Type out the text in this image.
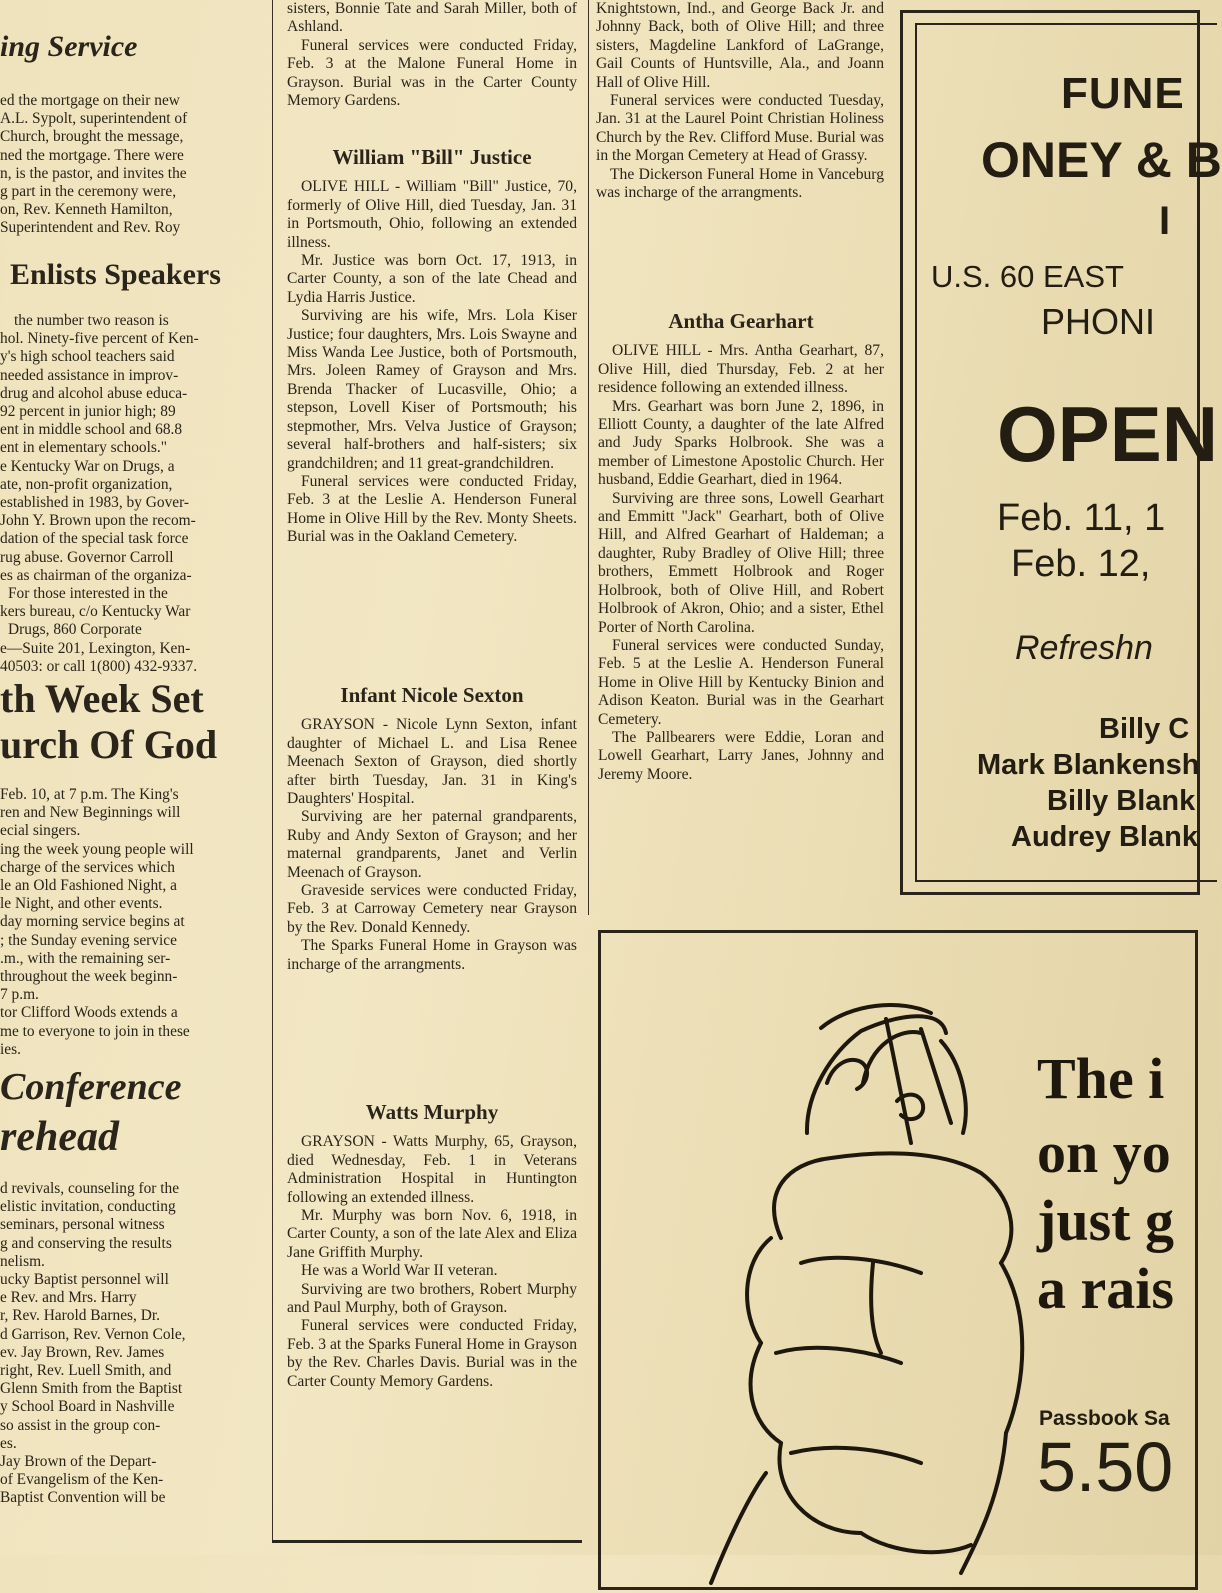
ing Service

ed the mortgage on their new

A.L. Sypolt, superintendent of

Church, brought the message,

ned the mortgage. There were

n, is the pastor, and invites the

g part in the ceremony were,

on, Rev. Kenneth Hamilton,

Superintendent and Rev. Roy

Enlists Speakers

the number two reason is

hol. Ninety-five percent of Ken-

y's high school teachers said

needed assistance in improv-

drug and alcohol abuse educa-

92 percent in junior high; 89

ent in middle school and 68.8

ent in elementary schools."

e Kentucky War on Drugs, a

ate, non-profit organization,

established in 1983, by Gover-

John Y. Brown upon the recom-

dation of the special task force

rug abuse. Governor Carroll

es as chairman of the organiza-

For those interested in the

kers bureau, c/o Kentucky War

Drugs, 860 Corporate

e—Suite 201, Lexington, Ken-

40503: or call 1(800) 432-9337.

th Week Set
urch Of God

Feb. 10, at 7 p.m. The King's

ren and New Beginnings will

ecial singers.

ing the week young people will

charge of the services which

le an Old Fashioned Night, a

le Night, and other events.

day morning service begins at

; the Sunday evening service

.m., with the remaining ser-

throughout the week beginn-

7 p.m.

tor Clifford Woods extends a

me to everyone to join in these

ies.

Conference
rehead

d revivals, counseling for the

elistic invitation, conducting

seminars, personal witness

g and conserving the results

nelism.

ucky Baptist personnel will

e Rev. and Mrs. Harry

r, Rev. Harold Barnes, Dr.

d Garrison, Rev. Vernon Cole,

ev. Jay Brown, Rev. James

right, Rev. Luell Smith, and

Glenn Smith from the Baptist

y School Board in Nashville

so assist in the group con-

es.

Jay Brown of the Depart-

of Evangelism of the Ken-

Baptist Convention will be

sisters, Bonnie Tate and Sarah Miller, both of Ashland.

Funeral services were conducted Friday, Feb. 3 at the Malone Funeral Home in Grayson. Burial was in the Carter County Memory Gardens.

William "Bill" Justice

OLIVE HILL - William "Bill" Justice, 70, formerly of Olive Hill, died Tuesday, Jan. 31 in Portsmouth, Ohio, following an extended illness.

Mr. Justice was born Oct. 17, 1913, in Carter County, a son of the late Chead and Lydia Harris Justice.

Surviving are his wife, Mrs. Lola Kiser Justice; four daughters, Mrs. Lois Swayne and Miss Wanda Lee Justice, both of Portsmouth, Mrs. Joleen Ramey of Grayson and Mrs. Brenda Thacker of Lucasville, Ohio; a stepson, Lovell Kiser of Portsmouth; his stepmother, Mrs. Velva Justice of Grayson; several half-brothers and half-sisters; six grandchildren; and 11 great-grandchildren.

Funeral services were conducted Friday, Feb. 3 at the Leslie A. Henderson Funeral Home in Olive Hill by the Rev. Monty Sheets. Burial was in the Oakland Cemetery.

Infant Nicole Sexton

GRAYSON - Nicole Lynn Sexton, infant daughter of Michael L. and Lisa Renee Meenach Sexton of Grayson, died shortly after birth Tuesday, Jan. 31 in King's Daughters' Hospital.

Surviving are her paternal grandparents, Ruby and Andy Sexton of Grayson; and her maternal grandparents, Janet and Verlin Meenach of Grayson.

Graveside services were conducted Friday, Feb. 3 at Carroway Cemetery near Grayson by the Rev. Donald Kennedy.

The Sparks Funeral Home in Grayson was incharge of the arrangments.

Watts Murphy

GRAYSON - Watts Murphy, 65, Grayson, died Wednesday, Feb. 1 in Veterans Administration Hospital in Huntington following an extended illness.

Mr. Murphy was born Nov. 6, 1918, in Carter County, a son of the late Alex and Eliza Jane Griffith Murphy.

He was a World War II veteran.

Surviving are two brothers, Robert Murphy and Paul Murphy, both of Grayson.

Funeral services were conducted Friday, Feb. 3 at the Sparks Funeral Home in Grayson by the Rev. Charles Davis. Burial was in the Carter County Memory Gardens.

Knightstown, Ind., and George Back Jr. and Johnny Back, both of Olive Hill; and three sisters, Magdeline Lankford of LaGrange, Gail Counts of Huntsville, Ala., and Joann Hall of Olive Hill.

Funeral services were conducted Tuesday, Jan. 31 at the Laurel Point Christian Holiness Church by the Rev. Clifford Muse. Burial was in the Morgan Cemetery at Head of Grassy.

The Dickerson Funeral Home in Vanceburg was incharge of the arrangments.

Antha Gearhart

OLIVE HILL - Mrs. Antha Gearhart, 87, Olive Hill, died Thursday, Feb. 2 at her residence following an extended illness.

Mrs. Gearhart was born June 2, 1896, in Elliott County, a daughter of the late Alfred and Judy Sparks Holbrook. She was a member of Limestone Apostolic Church. Her husband, Eddie Gearhart, died in 1964.

Surviving are three sons, Lowell Gearhart and Emmitt "Jack" Gearhart, both of Olive Hill, and Alfred Gearhart of Haldeman; a daughter, Ruby Bradley of Olive Hill; three brothers, Emmett Holbrook and Roger Holbrook, both of Olive Hill, and Robert Holbrook of Akron, Ohio; and a sister, Ethel Porter of North Carolina.

Funeral services were conducted Sunday, Feb. 5 at the Leslie A. Henderson Funeral Home in Olive Hill by Kentucky Binion and Adison Keaton. Burial was in the Gearhart Cemetery.

The Pallbearers were Eddie, Loran and Lowell Gearhart, Larry Janes, Johnny and Jeremy Moore.

FUNE
ONEY & B
I
U.S. 60 EAST
PHONI
OPEN
Feb. 11, 1
Feb. 12,
Refreshn
Billy C
Mark Blankensh
Billy Blank
Audrey Blank
The i
on yo
just g
a rais
Passbook Sa
5.50
